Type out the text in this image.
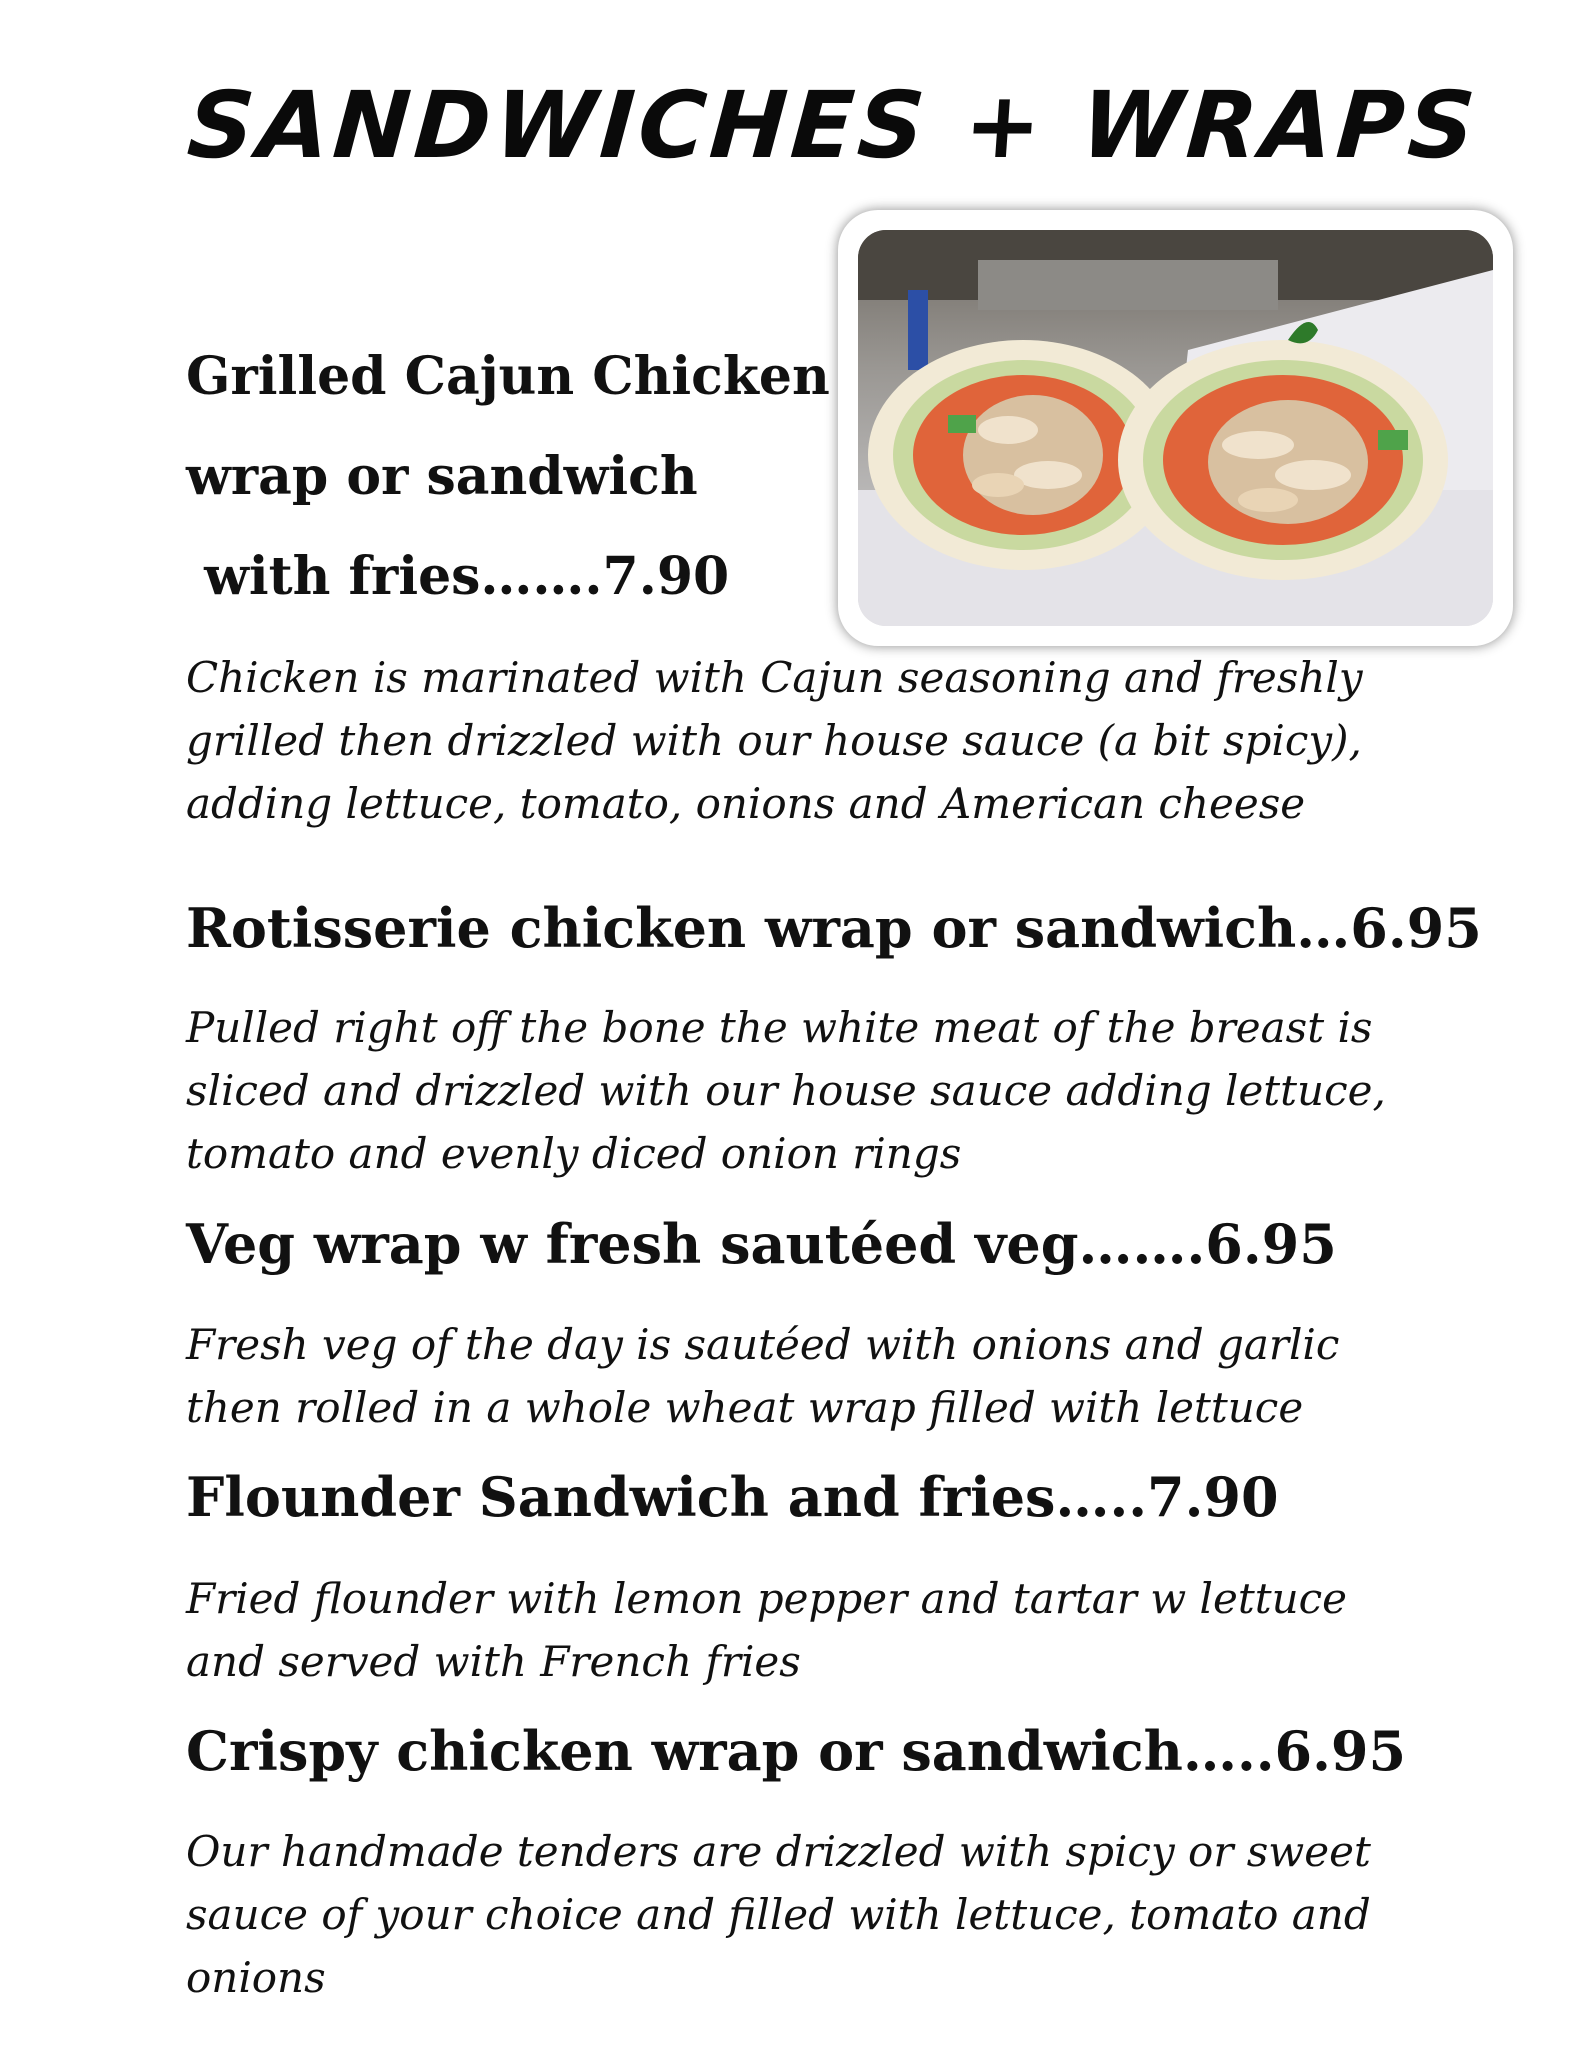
SANDWICHES + WRAPS
Grilled Cajun Chicken
wrap or sandwich
with fries…….7.90
Chicken is marinated with Cajun seasoning and freshly
grilled then drizzled with our house sauce (a bit spicy),
adding lettuce, tomato, onions and American cheese
Rotisserie chicken wrap or sandwich…6.95
Pulled right off the bone the white meat of the breast is
sliced and drizzled with our house sauce adding lettuce,
tomato and evenly diced onion rings
Veg wrap w fresh sautéed veg…….6.95
Fresh veg of the day is sautéed with onions and garlic
then rolled in a whole wheat wrap filled with lettuce
Flounder Sandwich and fries…..7.90
Fried flounder with lemon pepper and tartar w lettuce
and served with French fries
Crispy chicken wrap or sandwich…..6.95
Our handmade tenders are drizzled with spicy or sweet
sauce of your choice and filled with lettuce, tomato and
onions
